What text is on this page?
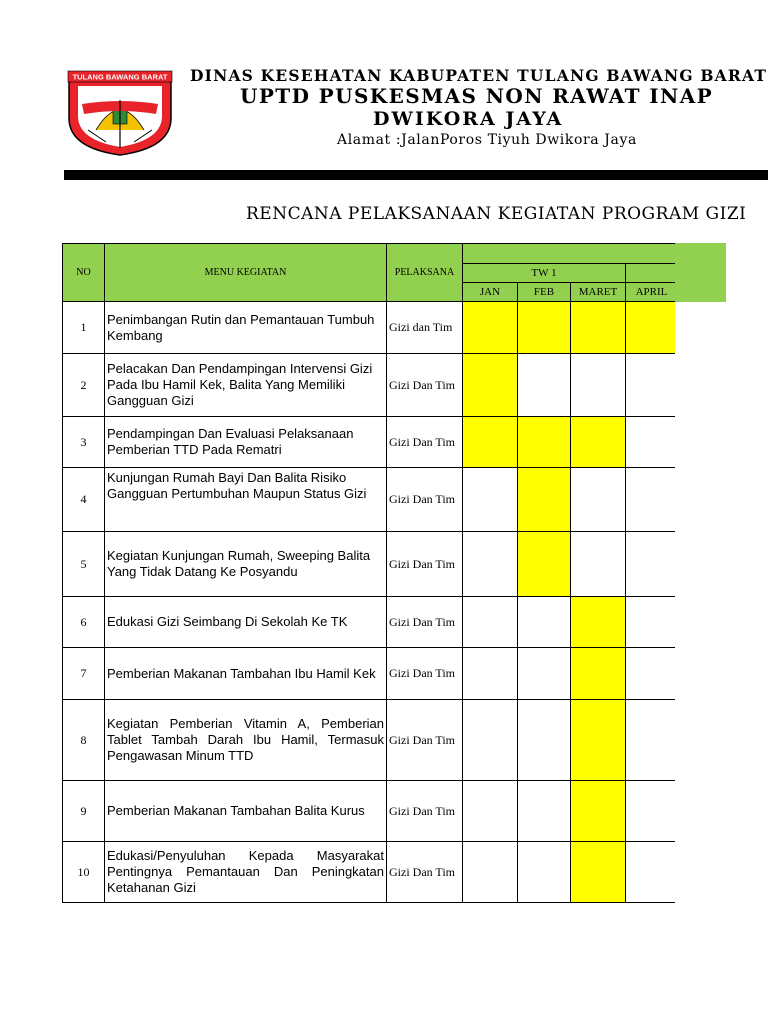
TULANG BAWANG BARAT DINAS KESEHATAN KABUPATEN TULANG BAWANG BARAT
UPTD PUSKESMAS NON RAWAT INAP
DWIKORA JAYA
Alamat :JalanPoros Tiyuh Dwikora Jaya
RENCANA PELAKSANAAN KEGIATAN PROGRAM GIZI
NO	MENU KEGIATAN	PELAKSANA					
			TW 1				
			JAN	FEB	MARET	APRIL	
1	Penimbangan Rutin dan Pemantauan Tumbuh Kembang	Gizi dan Tim					
2	Pelacakan Dan Pendampingan Intervensi Gizi Pada Ibu Hamil Kek, Balita Yang Memiliki Gangguan Gizi	Gizi Dan Tim					
3	Pendampingan Dan Evaluasi Pelaksanaan Pemberian TTD Pada Rematri	Gizi Dan Tim					
4	Kunjungan Rumah Bayi Dan Balita Risiko Gangguan Pertumbuhan Maupun Status Gizi	Gizi Dan Tim					
5	Kegiatan Kunjungan Rumah, Sweeping Balita Yang Tidak Datang Ke Posyandu	Gizi Dan Tim					
6	Edukasi Gizi Seimbang Di Sekolah Ke TK	Gizi Dan Tim					
7	Pemberian Makanan Tambahan Ibu Hamil Kek	Gizi Dan Tim					
8	Kegiatan Pemberian Vitamin A, Pemberian Tablet Tambah Darah Ibu Hamil, Termasuk Pengawasan Minum TTD	Gizi Dan Tim					
9	Pemberian Makanan Tambahan Balita Kurus	Gizi Dan Tim					
10	Edukasi/Penyuluhan Kepada Masyarakat Pentingnya Pemantauan Dan Peningkatan Ketahanan Gizi	Gizi Dan Tim					
